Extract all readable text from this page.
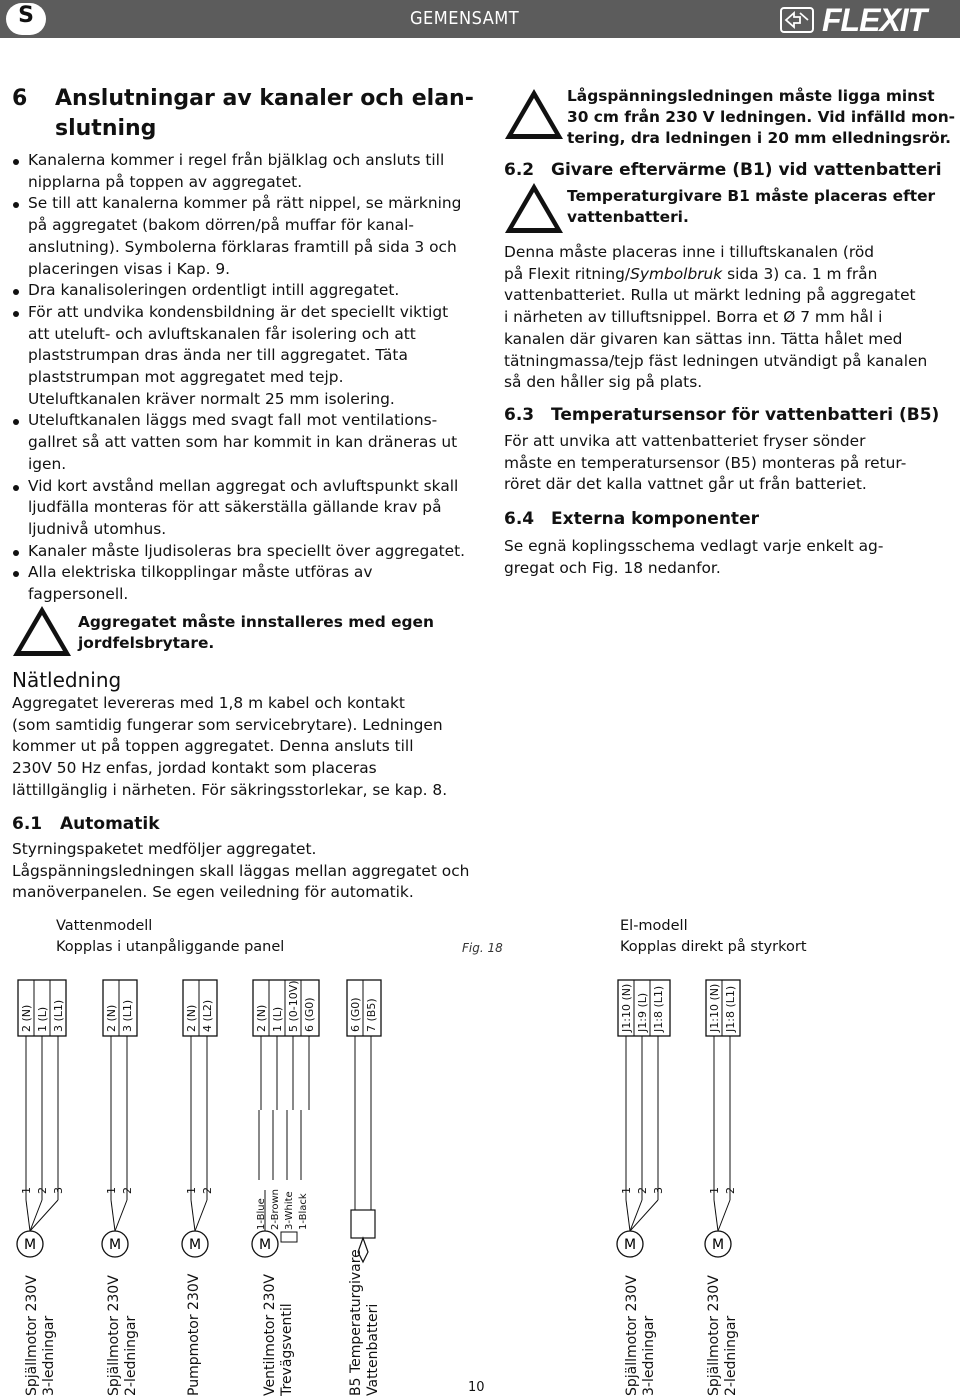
S	GEMENSAMT	FLEXIT
6 Anslutningar av kanaler och elan-
slutning
Kanalerna kommer i regel från bjälklag och ansluts till
nipplarna på toppen av aggregatet.
Se till att kanalerna kommer på rätt nippel, se märkning
på aggregatet (bakom dörren/på muffar för kanal-
anslutning). Symbolerna förklaras framtill på sida 3 och
placeringen visas i Kap. 9.
Dra kanalisoleringen ordentligt intill aggregatet.
För att undvika kondensbildning är det speciellt viktigt
att uteluft- och avluftskanalen får isolering och att
plaststrumpan dras ända ner till aggregatet. Täta
plaststrumpan mot aggregatet med tejp.
Uteluftkanalen kräver normalt 25 mm isolering.
Uteluftkanalen läggs med svagt fall mot ventilations-
gallret så att vatten som har kommit in kan dräneras ut
igen.
Vid kort avstånd mellan aggregat och avluftspunkt skall
ljudfälla monteras för att säkerställa gällande krav på
ljudnivå utomhus.
Kanaler måste ljudisoleras bra speciellt över aggregatet.
Alla elektriska tilkopplingar måste utföras av
fagpersonell.
Aggregatet måste innstalleres med egen
jordfelsbrytare.
Nätledning
Aggregatet levereras med 1,8 m kabel och kontakt
(som samtidig fungerar som servicebrytare). Ledningen
kommer ut på toppen aggregatet. Denna ansluts till
230V 50 Hz enfas, jordad kontakt som placeras
lättillgänglig i närheten. För säkringsstorlekar, se kap. 8.
6.1 Automatik
Styrningspaketet medföljer aggregatet.
Lågspänningsledningen skall läggas mellan aggregatet och
manöverpanelen. Se egen veiledning för automatik.
Lågspänningsledningen måste ligga minst
30 cm från 230 V ledningen. Vid infälld mon-
tering, dra ledningen i 20 mm elledningsrör.
6.2 Givare eftervärme (B1) vid vattenbatteri
Temperaturgivare B1 måste placeras efter
vattenbatteri.
Denna måste placeras inne i tilluftskanalen (röd
på Flexit ritning/Symbolbruk sida 3) ca. 1 m från
vattenbatteriet. Rulla ut märkt ledning på aggregatet
i närheten av tilluftsnippel. Borra et Ø 7 mm hål i
kanalen där givaren kan sättas inn. Tätta hålet med
tätningmassa/tejp fäst ledningen utvändigt på kanalen
så den håller sig på plats.
6.3 Temperatursensor för vattenbatteri (B5)
För att unvika att vattenbatteriet fryser sönder
måste en temperatursensor (B5) monteras på retur-
röret där det kalla vattnet går ut från batteriet.
6.4 Externa komponenter
Se egnä koplingsschema vedlagt varje enkelt ag-
gregat och Fig. 18 nedanfor.
Vattenmodell
Kopplas i utanpåliggande panel	Fig. 18
El-modell
Kopplas direkt på styrkort
2 (N) 1 (L) 3 (L1)
1 2 3
M
2 (N) 3 (L1)
1 2
M
2 (N) 4 (L2)
1 2
M
2 (N) 1 (L) 5 (0-10V) 6 (G0)
1-Blue 2-Brown 3-White 1-Black
M
6 (G0) 7 (B5)	J1:10 (N) J1:9 (L) J1:8 (L1)
1 2 3
M
J1:10 (N) J1:8 (L1)
1 2
M
Spjällmotor 230V 3-ledningar	Spjällmotor 230V 2-ledningar	Pumpmotor 230V	Ventilmotor 230V Trevägsventil	B5 Temperaturgivare Vattenbatteri	Spjällmotor 230V 3-ledningar	Spjällmotor 230V 2-ledningar
10
